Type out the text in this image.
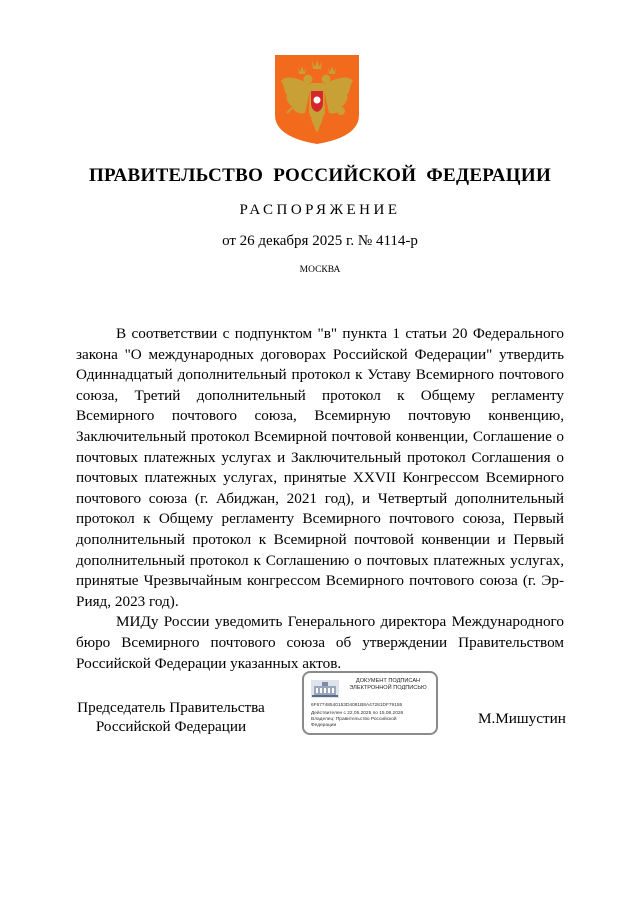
ПРАВИТЕЛЬСТВО РОССИЙСКОЙ ФЕДЕРАЦИИ
РАСПОРЯЖЕНИЕ
от 26 декабря 2025 г. № 4114-р
МОСКВА

В соответствии с подпунктом "в" пункта 1 статьи 20 Федерального закона "О международных договорах Российской Федерации" утвердить Одиннадцатый дополнительный протокол к Уставу Всемирного почтового союза, Третий дополнительный протокол к Общему регламенту Всемирного почтового союза, Всемирную почтовую конвенцию, Заключительный протокол Всемирной почтовой конвенции, Соглашение о почтовых платежных услугах и Заключительный протокол Соглашения о почтовых платежных услугах, принятые XXVII Конгрессом Всемирного почтового союза (г. Абиджан, 2021 год), и Четвертый дополнительный протокол к Общему регламенту Всемирного почтового союза, Первый дополнительный протокол к Всемирной почтовой конвенции и Первый дополнительный протокол к Соглашению о почтовых платежных услугах, принятые Чрезвычайным конгрессом Всемирного почтового союза (г. Эр-Рияд, 2023 год).

МИДу России уведомить Генерального директора Международного бюро Всемирного почтового союза об утверждении Правительством Российской Федерации указанных актов.

Председатель Правительства
Российской Федерации
ДОКУМЕНТ ПОДПИСАН
ЭЛЕКТРОННОЙ ПОДПИСЬЮ
6F67748540153D4081B8A47281DF79155
Действителен с 22.05.2025 по 15.08.2026
Владелец: Правительство Российской
Федерации	М.Мишустин
